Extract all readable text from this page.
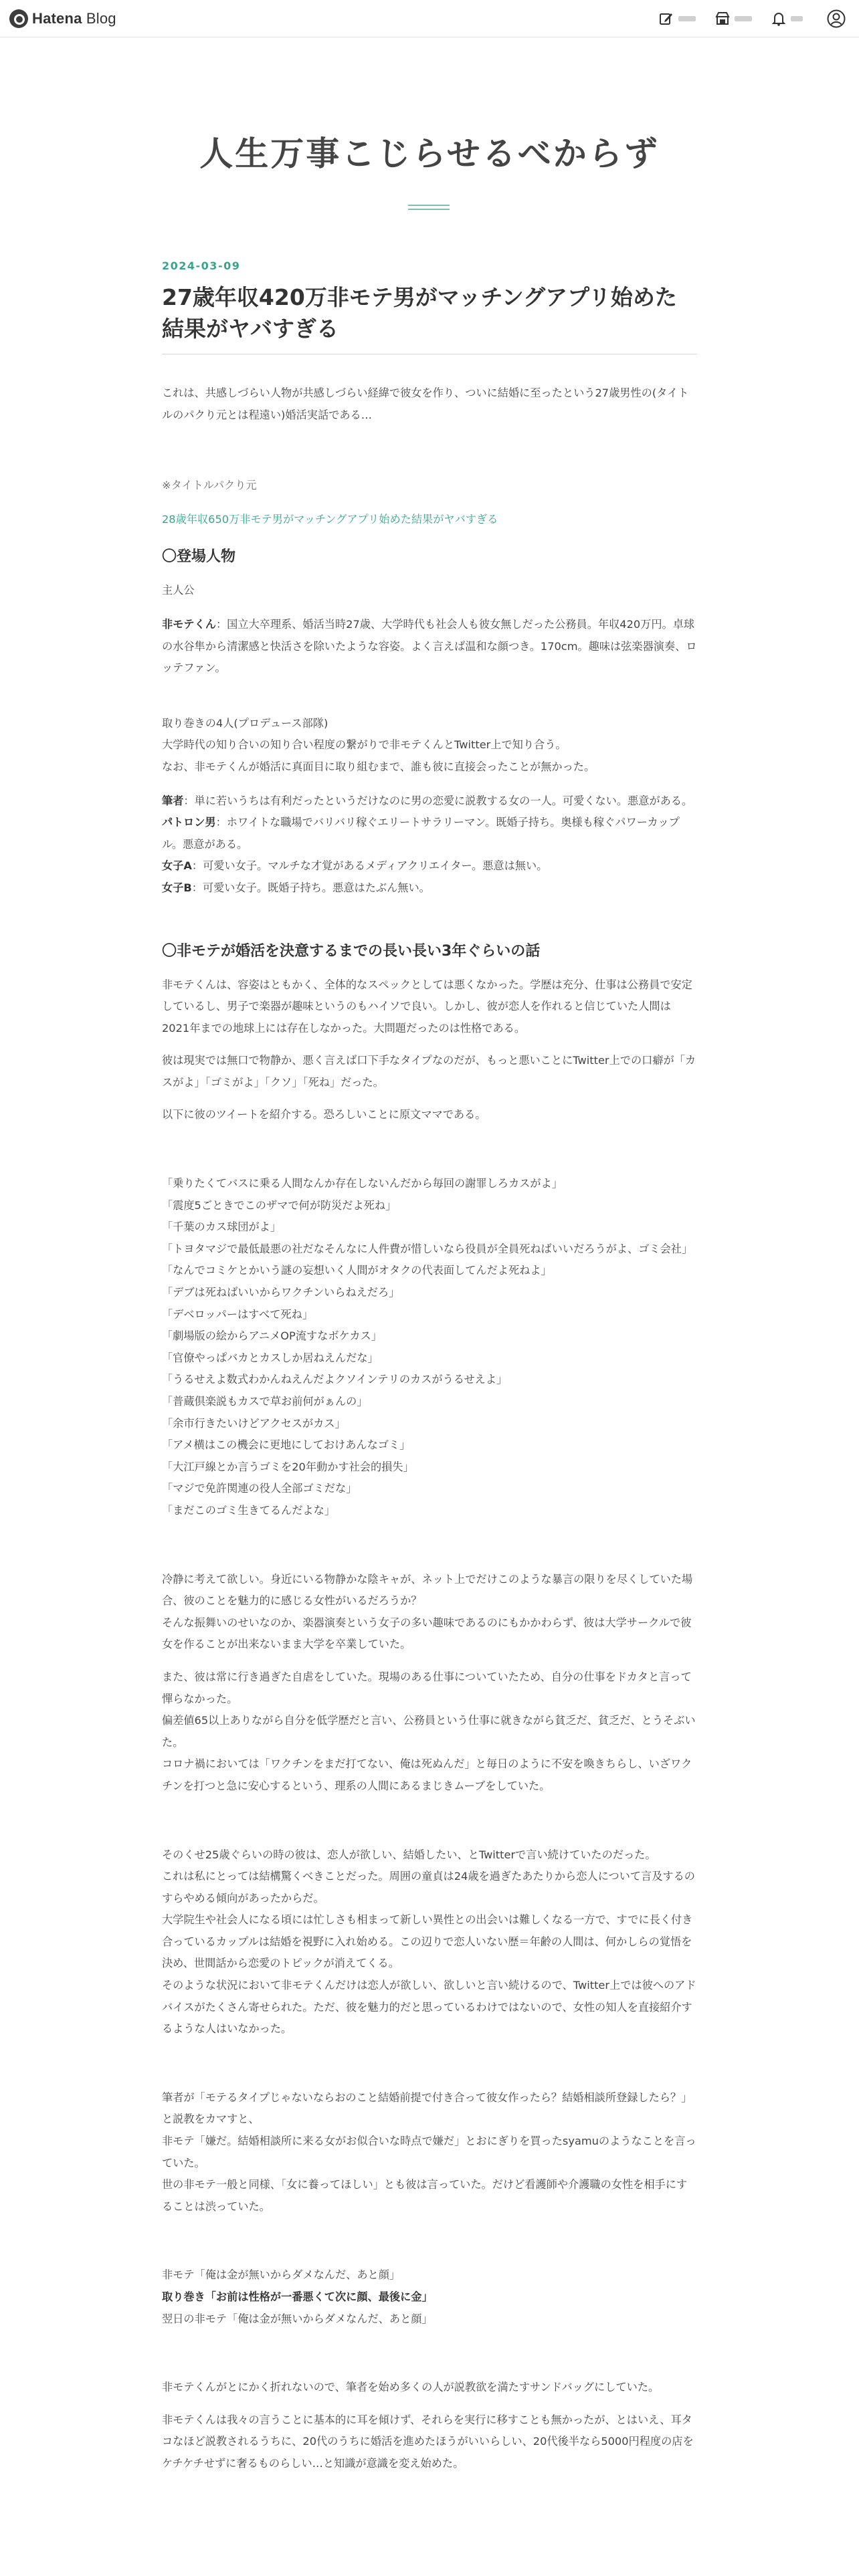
Hatena Blog
人生万事こじらせるべからず
2024-03-09
27歳年収420万非モテ男がマッチングアプリ始めた結果がヤバすぎる

これは、共感しづらい人物が共感しづらい経緯で彼女を作り、ついに結婚に至ったという27歳男性の(タイトルのパクり元とは程遠い)婚活実話である…

※タイトルパクり元

28歳年収650万非モテ男がマッチングアプリ始めた結果がヤバすぎる

〇登場人物

主人公

非モテくん：国立大卒理系、婚活当時27歳、大学時代も社会人も彼女無しだった公務員。年収420万円。卓球の水谷隼から清潔感と快活さを除いたような容姿。よく言えば温和な顔つき。170cm。趣味は弦楽器演奏、ロッテファン。

取り巻きの4人(プロデュース部隊)

大学時代の知り合いの知り合い程度の繋がりで非モテくんとTwitter上で知り合う。

なお、非モテくんが婚活に真面目に取り組むまで、誰も彼に直接会ったことが無かった。

筆者：単に若いうちは有利だったというだけなのに男の恋愛に説教する女の一人。可愛くない。悪意がある。

パトロン男：ホワイトな職場でバリバリ稼ぐエリートサラリーマン。既婚子持ち。奥様も稼ぐパワーカップル。悪意がある。

女子A：可愛い女子。マルチな才覚があるメディアクリエイター。悪意は無い。

女子B：可愛い女子。既婚子持ち。悪意はたぶん無い。

〇非モテが婚活を決意するまでの長い長い3年ぐらいの話

非モテくんは、容姿はともかく、全体的なスペックとしては悪くなかった。学歴は充分、仕事は公務員で安定しているし、男子で楽器が趣味というのもハイソで良い。しかし、彼が恋人を作れると信じていた人間は2021年までの地球上には存在しなかった。大問題だったのは性格である。

彼は現実では無口で物静か、悪く言えば口下手なタイプなのだが、もっと悪いことにTwitter上での口癖が「カスがよ」「ゴミがよ」「クソ」「死ね」だった。

以下に彼のツイートを紹介する。恐ろしいことに原文ママである。

「乗りたくてバスに乗る人間なんか存在しないんだから毎回の謝罪しろカスがよ」

「震度5ごときでこのザマで何が防災だよ死ね」

「千葉のカス球団がよ」

「トヨタマジで最低最悪の社だなそんなに人件費が惜しいなら役員が全員死ねばいいだろうがよ、ゴミ会社」

「なんでコミケとかいう謎の妄想いく人間がオタクの代表面してんだよ死ねよ」

「デブは死ねばいいからワクチンいらねえだろ」

「デベロッパーはすべて死ね」

「劇場版の絵からアニメOP流すなボケカス」

「官僚やっぱバカとカスしか居ねえんだな」

「うるせえよ数式わかんねえんだよクソインテリのカスがうるせえよ」

「普蔵倶楽説もカスで草お前何がぁんの」

「余市行きたいけどアクセスがカス」

「アメ横はこの機会に更地にしておけあんなゴミ」

「大江戸線とか言うゴミを20年動かす社会的損失」

「マジで免許関連の役人全部ゴミだな」

「まだこのゴミ生きてるんだよな」

冷静に考えて欲しい。身近にいる物静かな陰キャが、ネット上でだけこのような暴言の限りを尽くしていた場合、彼のことを魅力的に感じる女性がいるだろうか？

そんな振舞いのせいなのか、楽器演奏という女子の多い趣味であるのにもかかわらず、彼は大学サークルで彼女を作ることが出来ないまま大学を卒業していた。

また、彼は常に行き過ぎた自虐をしていた。現場のある仕事についていたため、自分の仕事をドカタと言って憚らなかった。

偏差値65以上ありながら自分を低学歴だと言い、公務員という仕事に就きながら貧乏だ、貧乏だ、とうそぶいた。

コロナ禍においては「ワクチンをまだ打てない、俺は死ぬんだ」と毎日のように不安を喚きちらし、いざワクチンを打つと急に安心するという、理系の人間にあるまじきムーブをしていた。

そのくせ25歳ぐらいの時の彼は、恋人が欲しい、結婚したい、とTwitterで言い続けていたのだった。

これは私にとっては結構驚くべきことだった。周囲の童貞は24歳を過ぎたあたりから恋人について言及するのすらやめる傾向があったからだ。

大学院生や社会人になる頃には忙しさも相まって新しい異性との出会いは難しくなる一方で、すでに長く付き合っているカップルは結婚を視野に入れ始める。この辺りで恋人いない歴＝年齢の人間は、何かしらの覚悟を決め、世間話から恋愛のトピックが消えてくる。

そのような状況において非モテくんだけは恋人が欲しい、欲しいと言い続けるので、Twitter上では彼へのアドバイスがたくさん寄せられた。ただ、彼を魅力的だと思っているわけではないので、女性の知人を直接紹介するような人はいなかった。

筆者が「モテるタイプじゃないならおのこと結婚前提で付き合って彼女作ったら？結婚相談所登録したら？」と説教をカマすと、

非モテ「嫌だ。結婚相談所に来る女がお似合いな時点で嫌だ」とおにぎりを買ったsyamuのようなことを言っていた。

世の非モテ一般と同様、「女に養ってほしい」とも彼は言っていた。だけど看護師や介護職の女性を相手にすることは渋っていた。

非モテ「俺は金が無いからダメなんだ、あと顔」

取り巻き「お前は性格が一番悪くて次に顔、最後に金」

翌日の非モテ「俺は金が無いからダメなんだ、あと顔」

非モテくんがとにかく折れないので、筆者を始め多くの人が説教欲を満たすサンドバッグにしていた。

非モテくんは我々の言うことに基本的に耳を傾けず、それらを実行に移すことも無かったが、とはいえ、耳タコなほど説教されるうちに、20代のうちに婚活を進めたほうがいいらしい、20代後半なら5000円程度の店をケチケチせずに奢るものらしい…と知識が意識を変え始めた。
